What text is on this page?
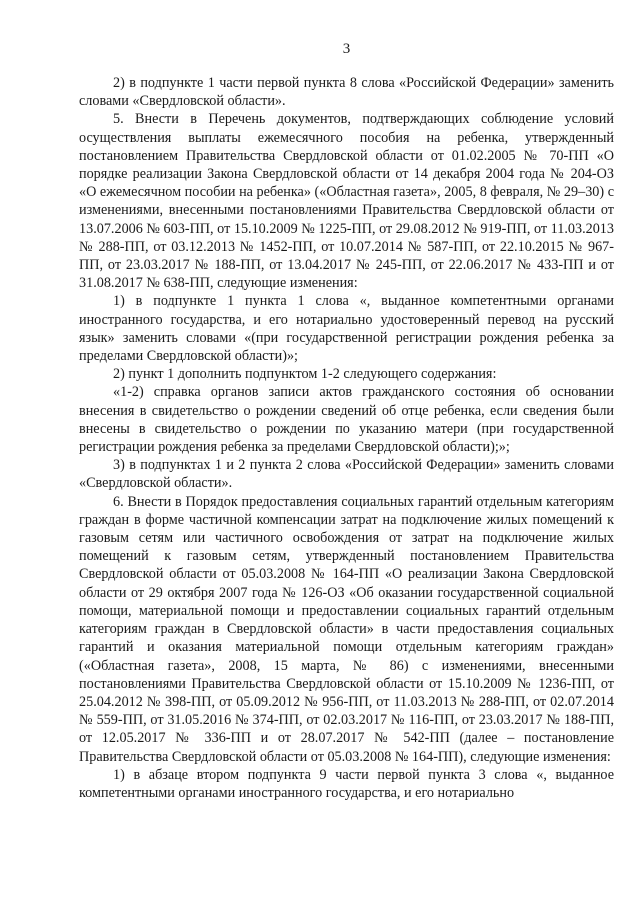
3

2) в подпункте 1 части первой пункта 8 слова «Российской Федерации» заменить словами «Свердловской области».

5. Внести в Перечень документов, подтверждающих соблюдение условий осуществления выплаты ежемесячного пособия на ребенка, утвержденный постановлением Правительства Свердловской области от 01.02.2005 № 70-ПП «О порядке реализации Закона Свердловской области от 14 декабря 2004 года № 204-ОЗ «О ежемесячном пособии на ребенка» («Областная газета», 2005, 8 февраля, № 29–30) с изменениями, внесенными постановлениями Правительства Свердловской области от 13.07.2006 № 603-ПП, от 15.10.2009 № 1225-ПП, от 29.08.2012 № 919-ПП, от 11.03.2013 № 288-ПП, от 03.12.2013 № 1452-ПП, от 10.07.2014 № 587-ПП, от 22.10.2015 № 967-ПП, от 23.03.2017 № 188-ПП, от 13.04.2017 № 245-ПП, от 22.06.2017 № 433-ПП и от 31.08.2017 № 638-ПП, следующие изменения:

1) в подпункте 1 пункта 1 слова «, выданное компетентными органами иностранного государства, и его нотариально удостоверенный перевод на русский язык» заменить словами «(при государственной регистрации рождения ребенка за пределами Свердловской области)»;

2) пункт 1 дополнить подпунктом 1-2 следующего содержания:

«1-2) справка органов записи актов гражданского состояния об основании внесения в свидетельство о рождении сведений об отце ребенка, если сведения были внесены в свидетельство о рождении по указанию матери (при государственной регистрации рождения ребенка за пределами Свердловской области);»;

3) в подпунктах 1 и 2 пункта 2 слова «Российской Федерации» заменить словами «Свердловской области».

6. Внести в Порядок предоставления социальных гарантий отдельным категориям граждан в форме частичной компенсации затрат на подключение жилых помещений к газовым сетям или частичного освобождения от затрат на подключение жилых помещений к газовым сетям, утвержденный постановлением Правительства Свердловской области от 05.03.2008 № 164-ПП «О реализации Закона Свердловской области от 29 октября 2007 года № 126-ОЗ «Об оказании государственной социальной помощи, материальной помощи и предоставлении социальных гарантий отдельным категориям граждан в Свердловской области» в части предоставления социальных гарантий и оказания материальной помощи отдельным категориям граждан» («Областная газета», 2008, 15 марта, № 86) с изменениями, внесенными постановлениями Правительства Свердловской области от 15.10.2009 № 1236-ПП, от 25.04.2012 № 398-ПП, от 05.09.2012 № 956-ПП, от 11.03.2013 № 288-ПП, от 02.07.2014 № 559-ПП, от 31.05.2016 № 374-ПП, от 02.03.2017 № 116-ПП, от 23.03.2017 № 188-ПП, от 12.05.2017 № 336-ПП и от 28.07.2017 № 542-ПП (далее – постановление Правительства Свердловской области от 05.03.2008 № 164-ПП), следующие изменения:

1) в абзаце втором подпункта 9 части первой пункта 3 слова «, выданное компетентными органами иностранного государства, и его нотариально
